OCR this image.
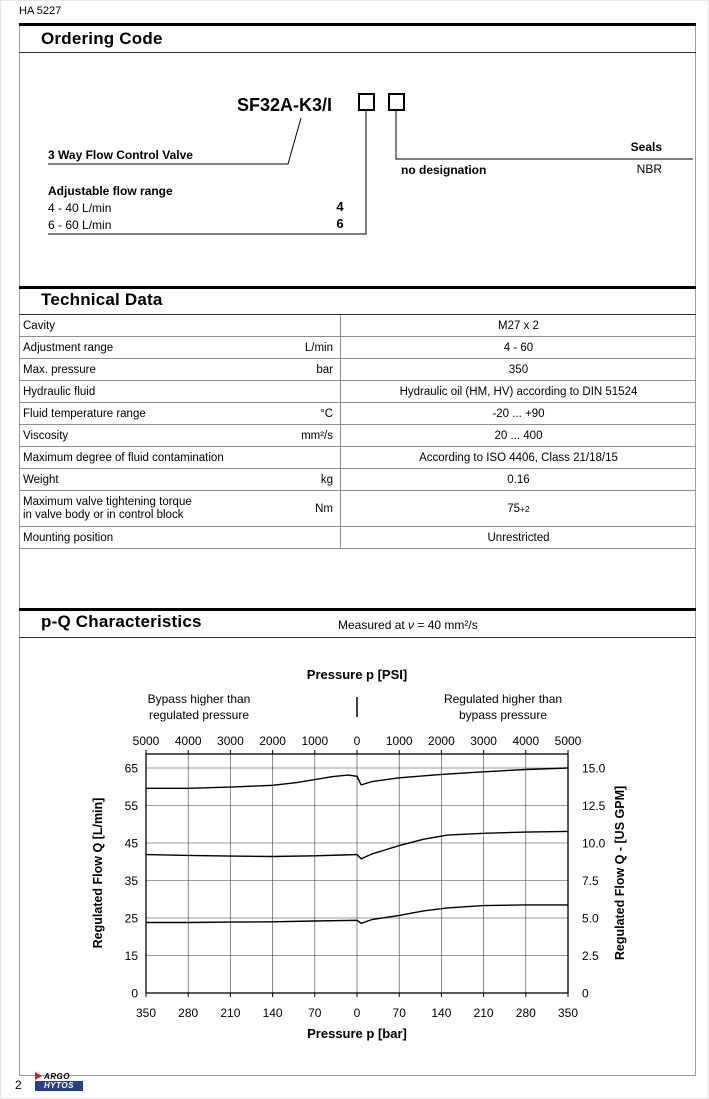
HA 5227
Ordering Code
SF32A-K3/I
3 Way Flow Control Valve
Adjustable flow range
4 - 40 L/min	4
6 - 60 L/min	6
no designation
Seals
NBR
Technical Data
Cavity	M27 x 2
Adjustment range	L/min	4 - 60
Max. pressure	bar	350
Hydraulic fluid	Hydraulic oil (HM, HV) according to DIN 51524
Fluid temperature range	°C	-20 ... +90
Viscosity	mm²/s	20 ... 400
Maximum degree of fluid contamination	According to ISO 4406, Class 21/18/15
Weight	kg	0.16
Maximum valve tightening torque
in valve body or in control block	Nm	75 +2
Mounting position	Unrestricted
p-Q Characteristics	Measured at ν = 40 mm²/s
Pressure p [PSI]
Bypass higher than
regulated pressure
Regulated higher than
bypass pressure
Regulated Flow Q [L/min]	Regulated Flow Q - [US GPM]
Pressure p [bar]
5000
350
4000
280
3000
210
2000
140
1000
70
0
0
1000
70
2000
140
3000
210
4000
280
5000
350
65	15.0
55	12.5
45	10.0
35	7.5
25	5.0
15	2.5
0	0
2
ARGO
HYTOS
